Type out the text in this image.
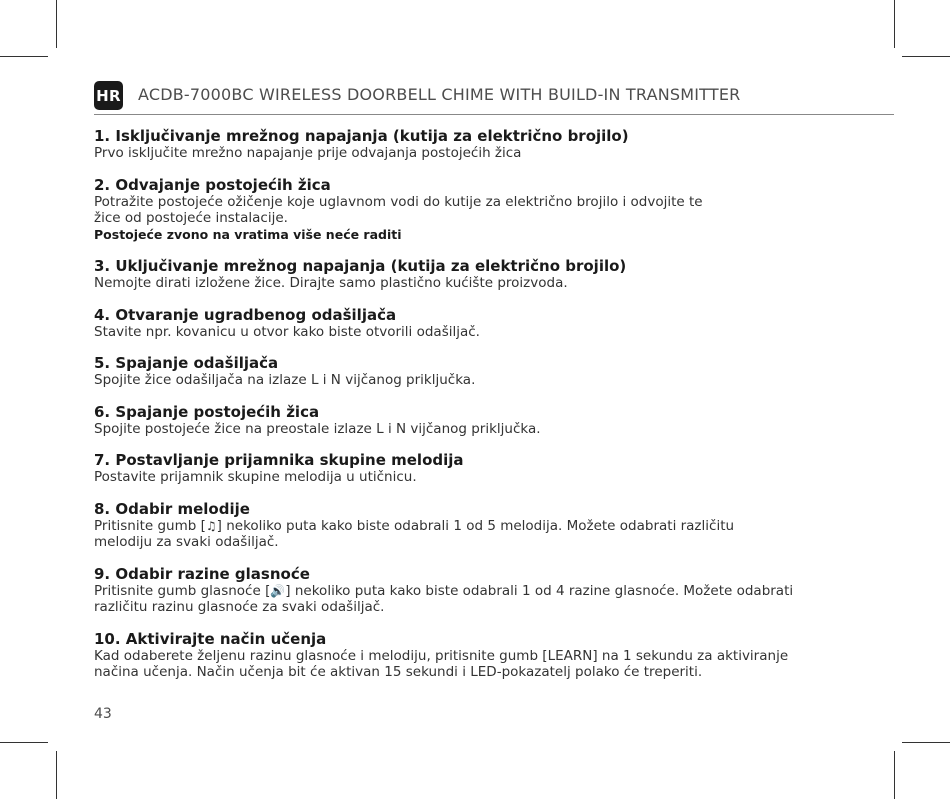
HR ACDB-7000BC WIRELESS DOORBELL CHIME WITH BUILD-IN TRANSMITTER
1. Isključivanje mrežnog napajanja (kutija za električno brojilo)

Prvo isključite mrežno napajanje prije odvajanja postojećih žica

2. Odvajanje postojećih žica

Potražite postojeće ožičenje koje uglavnom vodi do kutije za električno brojilo i odvojite te

žice od postojeće instalacije.

Postojeće zvono na vratima više neće raditi

3. Uključivanje mrežnog napajanja (kutija za električno brojilo)

Nemojte dirati izložene žice. Dirajte samo plastično kućište proizvoda.

4. Otvaranje ugradbenog odašiljača

Stavite npr. kovanicu u otvor kako biste otvorili odašiljač.

5. Spajanje odašiljača

Spojite žice odašiljača na izlaze L i N vijčanog priključka.

6. Spajanje postojećih žica

Spojite postojeće žice na preostale izlaze L i N vijčanog priključka.

7. Postavljanje prijamnika skupine melodija

Postavite prijamnik skupine melodija u utičnicu.

8. Odabir melodije

Pritisnite gumb [♫] nekoliko puta kako biste odabrali 1 od 5 melodija. Možete odabrati različitu

melodiju za svaki odašiljač.

9. Odabir razine glasnoće

Pritisnite gumb glasnoće [🔊] nekoliko puta kako biste odabrali 1 od 4 razine glasnoće. Možete odabrati

različitu razinu glasnoće za svaki odašiljač.

10. Aktivirajte način učenja

Kad odaberete željenu razinu glasnoće i melodiju, pritisnite gumb [LEARN] na 1 sekundu za aktiviranje

načina učenja. Način učenja bit će aktivan 15 sekundi i LED-pokazatelj polako će treperiti.

43
